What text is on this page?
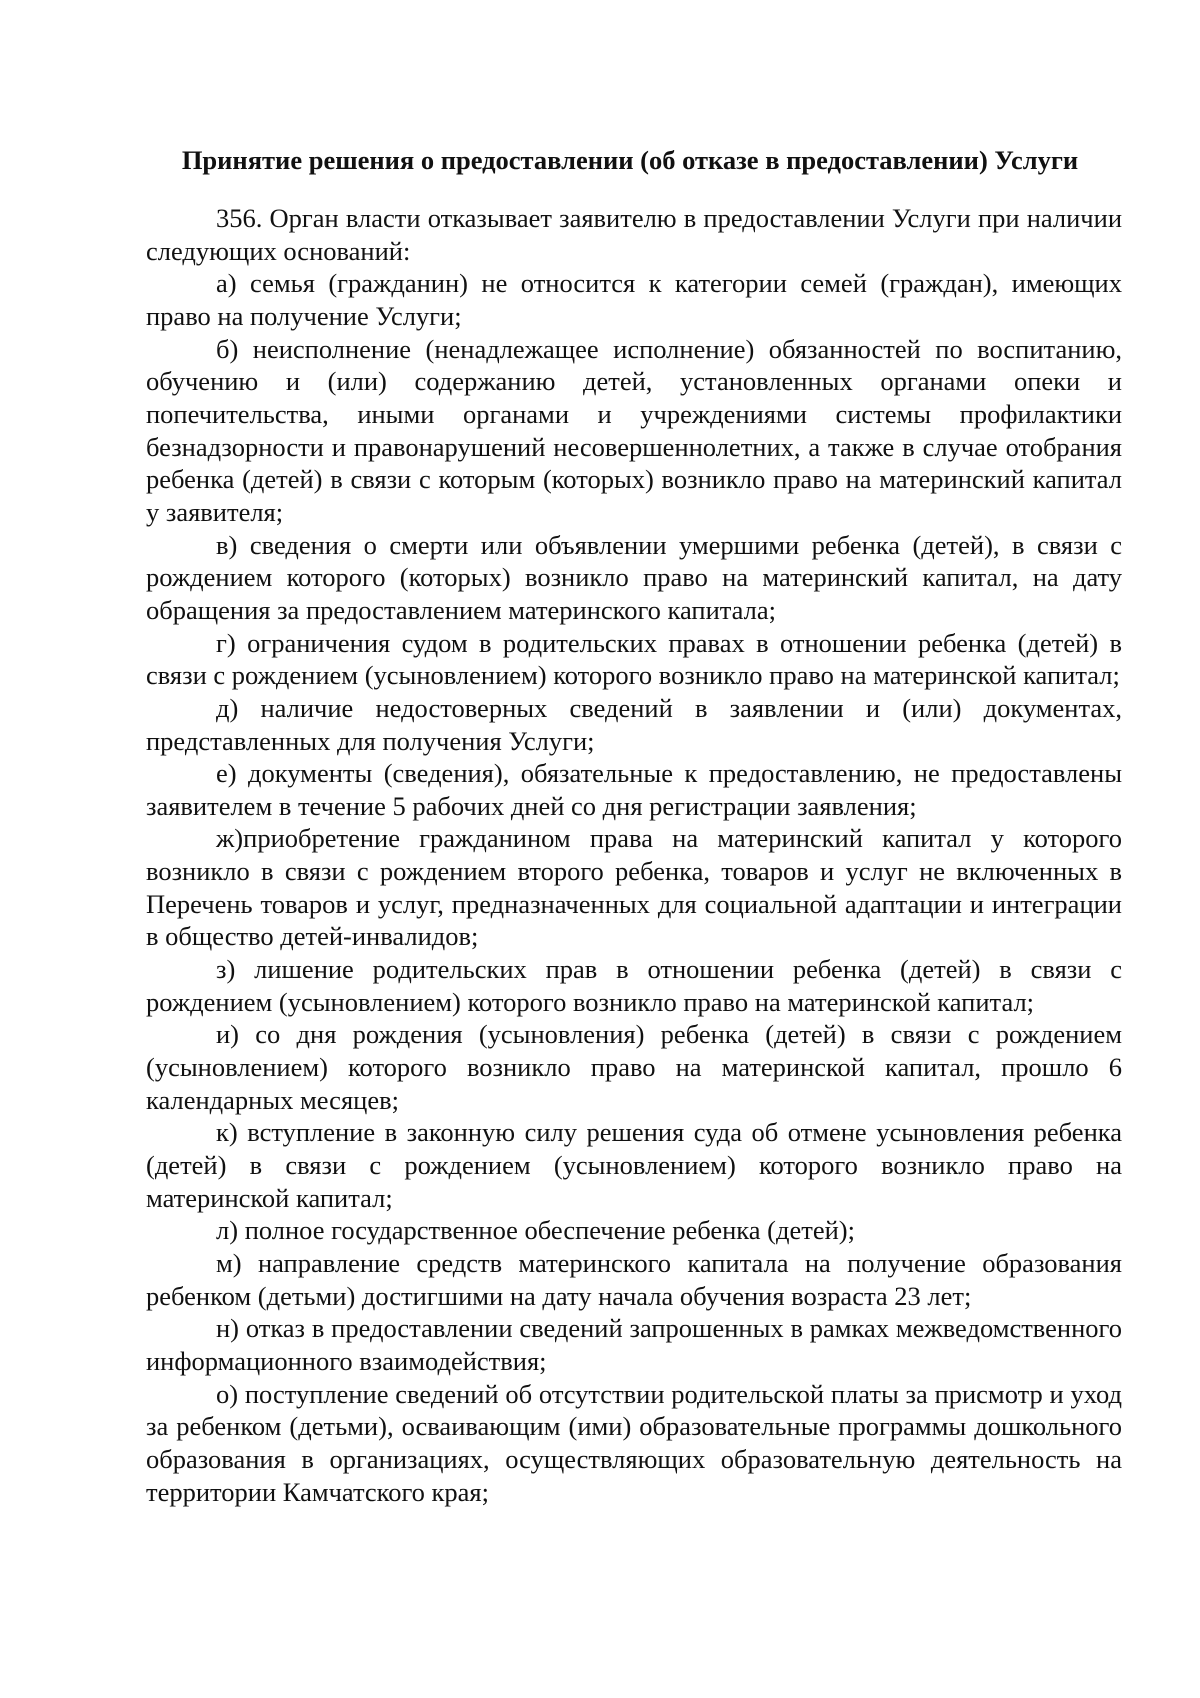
Принятие решения о предоставлении (об отказе в предоставлении) Услуги

356. Орган власти отказывает заявителю в предоставлении Услуги при наличии следующих оснований:

а) семья (гражданин) не относится к категории семей (граждан), имеющих право на получение Услуги;

б) неисполнение (ненадлежащее исполнение) обязанностей по воспитанию, обучению и (или) содержанию детей, установленных органами опеки и попечительства, иными органами и учреждениями системы профилактики безнадзорности и правонарушений несовершеннолетних, а также в случае отобрания ребенка (детей) в связи с которым (которых) возникло право на материнский капитал у заявителя;

в) сведения о смерти или объявлении умершими ребенка (детей), в связи с рождением которого (которых) возникло право на материнский капитал, на дату обращения за предоставлением материнского капитала;

г) ограничения судом в родительских правах в отношении ребенка (детей) в связи с рождением (усыновлением) которого возникло право на материнской капитал;

д) наличие недостоверных сведений в заявлении и (или) документах, представленных для получения Услуги;

е) документы (сведения), обязательные к предоставлению, не предоставлены заявителем в течение 5 рабочих дней со дня регистрации заявления;

ж)приобретение гражданином права на материнский капитал у которого возникло в связи с рождением второго ребенка, товаров и услуг не включенных в Перечень товаров и услуг, предназначенных для социальной адаптации и интеграции в общество детей-инвалидов;

з) лишение родительских прав в отношении ребенка (детей) в связи с рождением (усыновлением) которого возникло право на материнской капитал;

и) со дня рождения (усыновления) ребенка (детей) в связи с рождением (усыновлением) которого возникло право на материнской капитал, прошло 6 календарных месяцев;

к) вступление в законную силу решения суда об отмене усыновления ребенка (детей) в связи с рождением (усыновлением) которого возникло право на материнской капитал;

л) полное государственное обеспечение ребенка (детей);

м) направление средств материнского капитала на получение образования ребенком (детьми) достигшими на дату начала обучения возраста 23 лет;

н) отказ в предоставлении сведений запрошенных в рамках межведомственного информационного взаимодействия;

о) поступление сведений об отсутствии родительской платы за присмотр и уход за ребенком (детьми), осваивающим (ими) образовательные программы дошкольного образования в организациях, осуществляющих образовательную деятельность на территории Камчатского края;
